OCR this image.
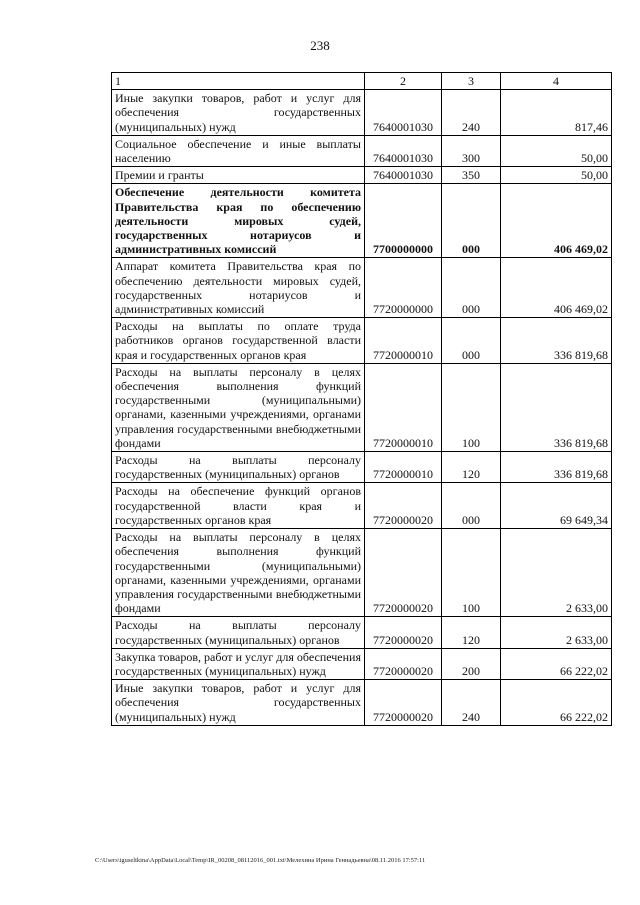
238
1	2	3	4
Иные закупки товаров, работ и услуг для обеспечения государственных (муниципальных) нужд	7640001030	240	817,46
Социальное обеспечение и иные выплаты населению	7640001030	300	50,00
Премии и гранты	7640001030	350	50,00
Обеспечение деятельности комитета Правительства края по обеспечению деятельности мировых судей, государственных нотариусов и административных комиссий	7700000000	000	406 469,02
Аппарат комитета Правительства края по обеспечению деятельности мировых судей, государственных нотариусов и административных комиссий	7720000000	000	406 469,02
Расходы на выплаты по оплате труда работников органов государственной власти края и государственных органов края	7720000010	000	336 819,68
Расходы на выплаты персоналу в целях обеспечения выполнения функций государственными (муниципальными) органами, казенными учреждениями, органами управления государственными внебюджетными фондами	7720000010	100	336 819,68
Расходы на выплаты персоналу государственных (муниципальных) органов	7720000010	120	336 819,68
Расходы на обеспечение функций органов государственной власти края и государственных органов края	7720000020	000	69 649,34
Расходы на выплаты персоналу в целях обеспечения выполнения функций государственными (муниципальными) органами, казенными учреждениями, органами управления государственными внебюджетными фондами	7720000020	100	2 633,00
Расходы на выплаты персоналу государственных (муниципальных) органов	7720000020	120	2 633,00
Закупка товаров, работ и услуг для обеспечения государственных (муниципальных) нужд	7720000020	200	66 222,02
Иные закупки товаров, работ и услуг для обеспечения государственных (муниципальных) нужд	7720000020	240	66 222,02
C:\Users\iguseltkina\AppData\Local\Temp\IR_00208_08112016_001.txt\Мелехина Ирина Геннадьевна\08.11.2016 17:57:11
